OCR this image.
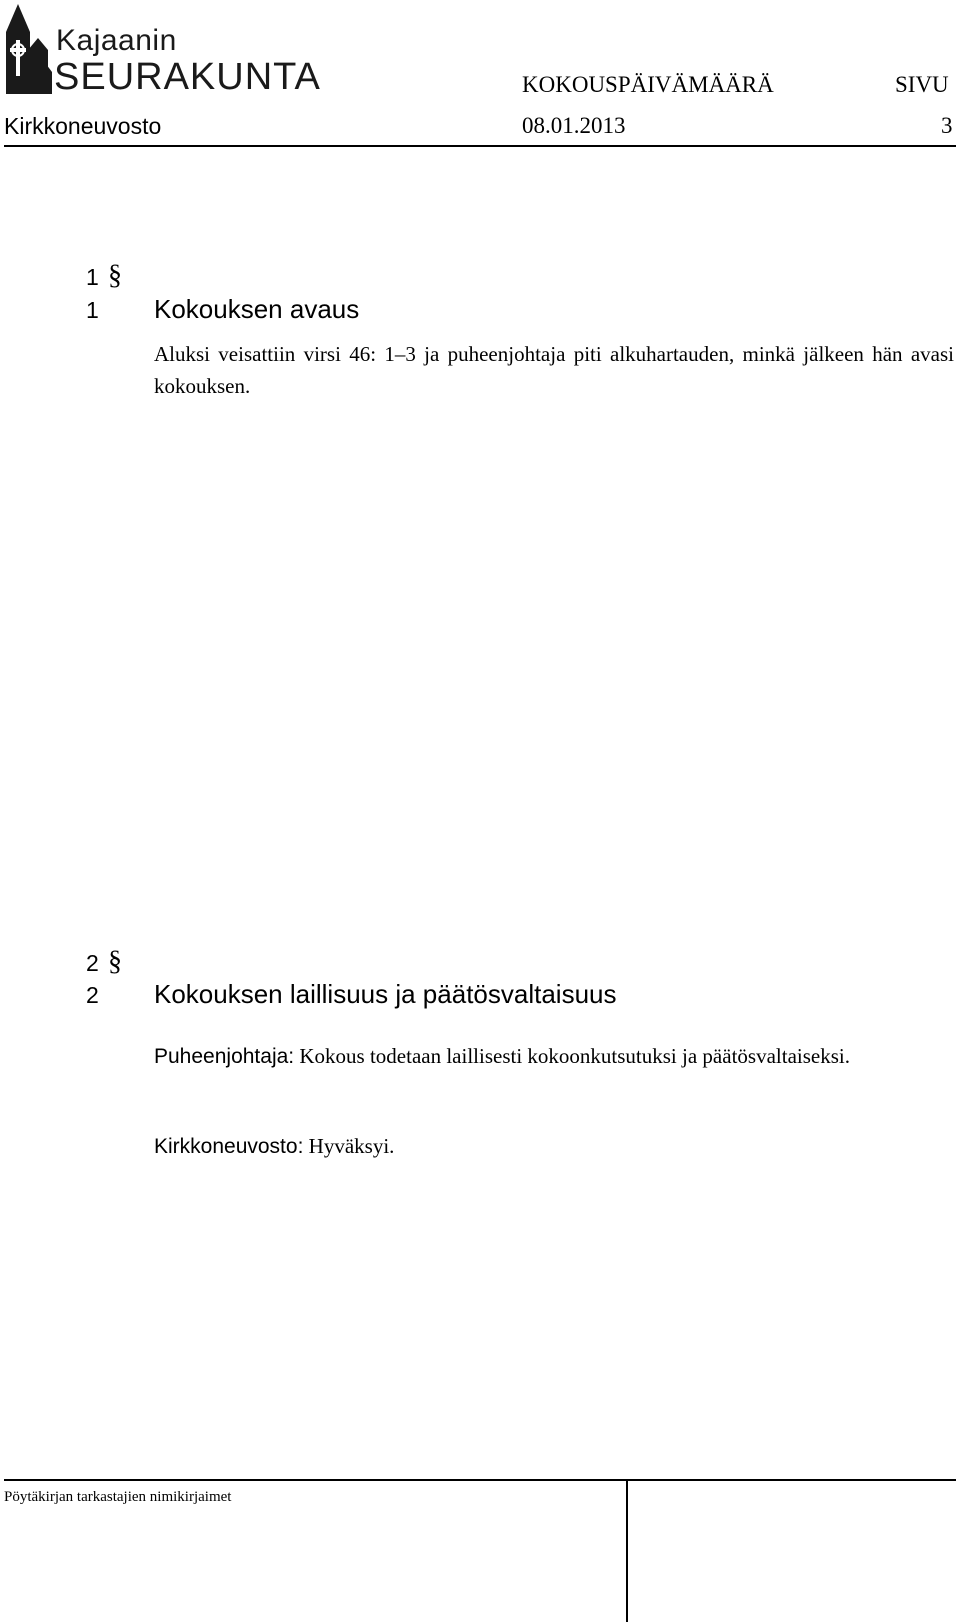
Kajaanin
SEURAKUNTA	KOKOUSPÄIVÄMÄÄRÄ	SIVU
Kirkkoneuvosto	08.01.2013	3
1 §
1 Kokouksen avaus

Aluksi veisattiin virsi 46: 1–3 ja puheenjohtaja piti alkuhartauden, minkä jälkeen hän avasi kokouksen.

2 §
2 Kokouksen laillisuus ja päätösvaltaisuus

Puheenjohtaja: Kokous todetaan laillisesti kokoonkutsutuksi ja päätösvaltaiseksi.

Kirkkoneuvosto: Hyväksyi.

Pöytäkirjan tarkastajien nimikirjaimet
